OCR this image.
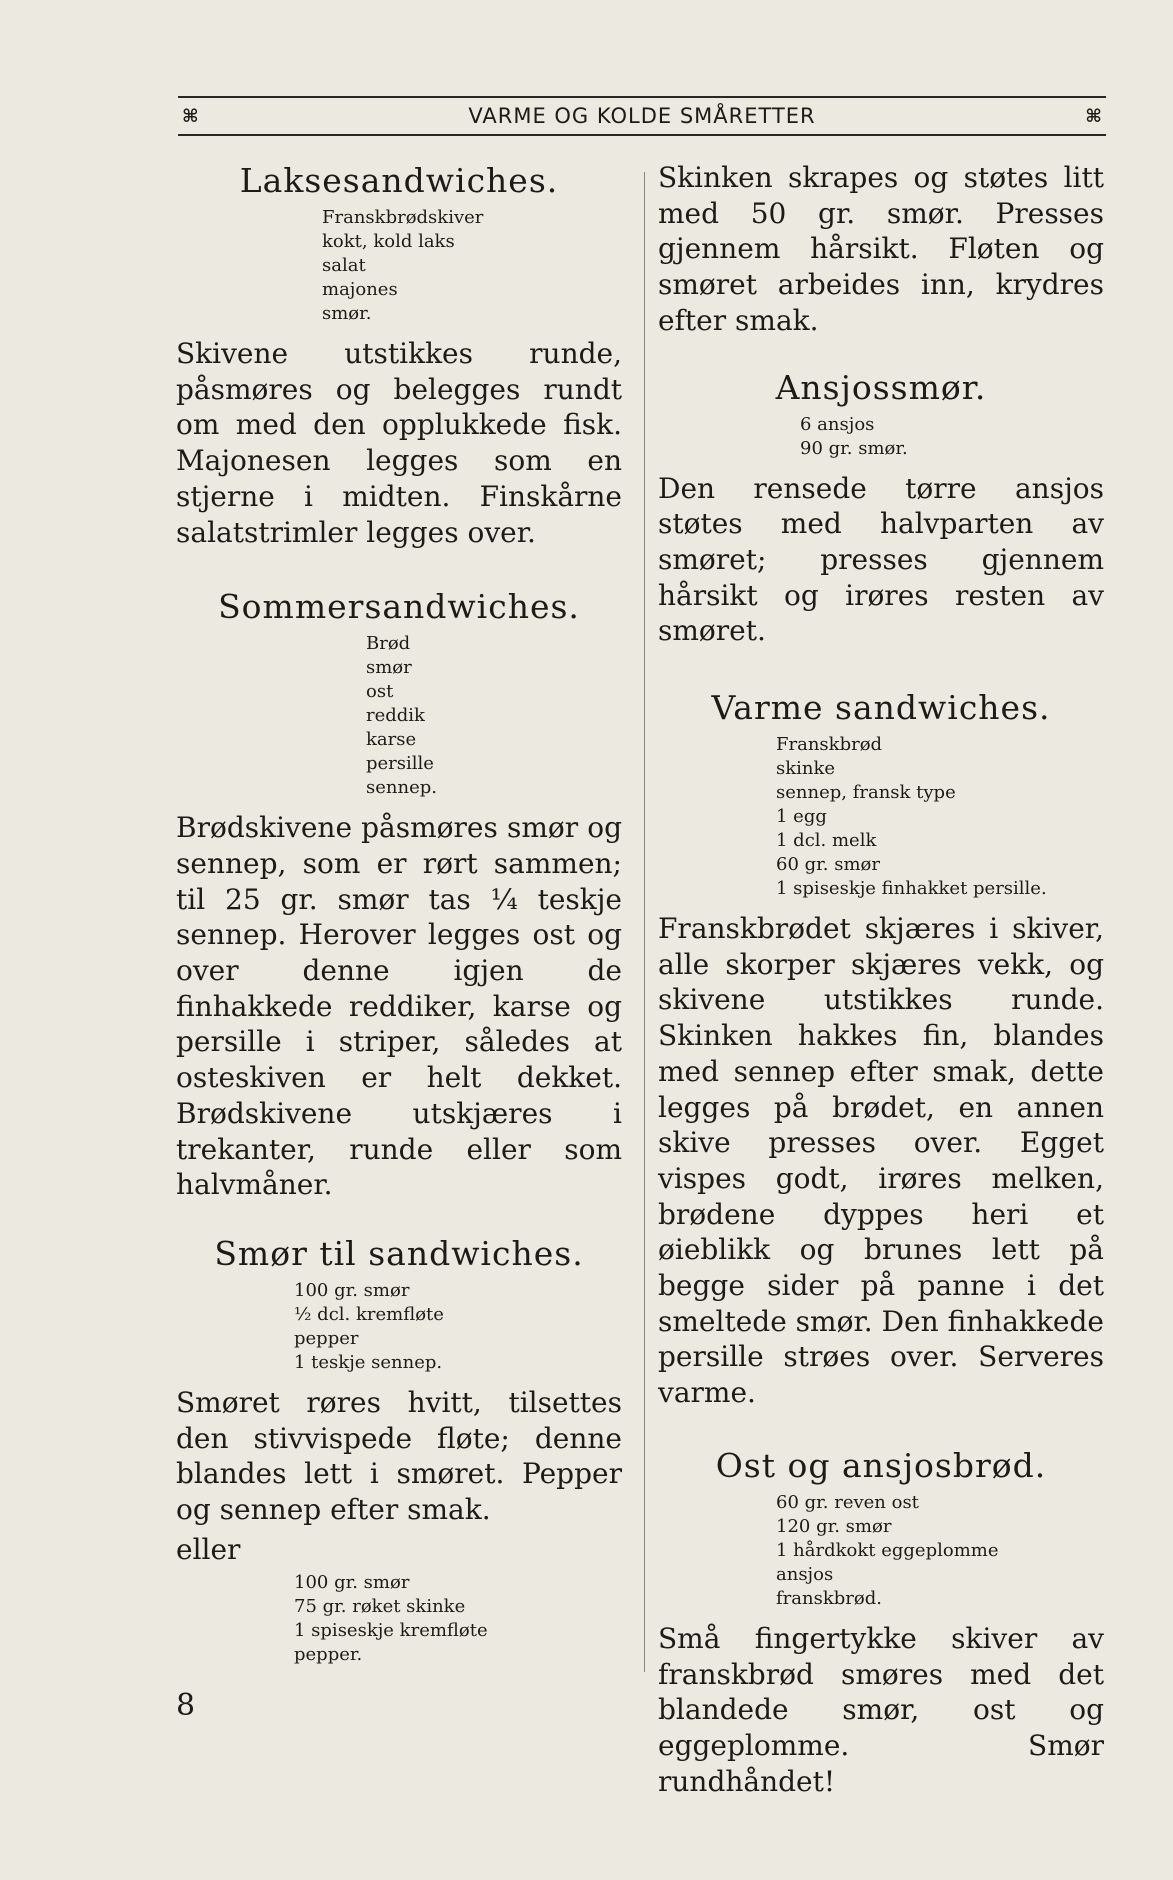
⌘	VARME OG KOLDE SMÅRETTER	⌘
Laksesandwiches.
Franskbrødskiver
kokt, kold laks
salat
majones
smør.

Skivene utstikkes runde, påsmøres og belegges rundt om med den opplukkede fisk. Majonesen legges som en stjerne i midten. Finskårne salatstrimler legges over.

Sommersandwiches.
Brød
smør
ost
reddik
karse
persille
sennep.

Brødskivene påsmøres smør og sennep, som er rørt sammen; til 25 gr. smør tas ¼ teskje sennep. Herover legges ost og over denne igjen de finhakkede reddiker, karse og persille i striper, således at osteskiven er helt dekket. Brødskivene utskjæres i trekanter, runde eller som halvmåner.

Smør til sandwiches.
100 gr. smør
½ dcl. kremfløte
pepper
1 teskje sennep.

Smøret røres hvitt, tilsettes den stivvispede fløte; denne blandes lett i smøret. Pepper og sennep efter smak.

eller

100 gr. smør
75 gr. røket skinke
1 spiseskje kremfløte
pepper.

Skinken skrapes og støtes litt med 50 gr. smør. Presses gjennem hårsikt. Fløten og smøret arbeides inn, krydres efter smak.

Ansjossmør.
6 ansjos
90 gr. smør.

Den rensede tørre ansjos støtes med halvparten av smøret; presses gjennem hårsikt og irøres resten av smøret.

Varme sandwiches.
Franskbrød
skinke
sennep, fransk type
1 egg
1 dcl. melk
60 gr. smør
1 spiseskje finhakket persille.

Franskbrødet skjæres i skiver, alle skorper skjæres vekk, og skivene utstikkes runde. Skinken hakkes fin, blandes med sennep efter smak, dette legges på brødet, en annen skive presses over. Egget vispes godt, irøres melken, brødene dyppes heri et øieblikk og brunes lett på begge sider på panne i det smeltede smør. Den finhakkede persille strøes over. Serveres varme.

Ost og ansjosbrød.
60 gr. reven ost
120 gr. smør
1 hårdkokt eggeplomme
ansjos
franskbrød.

Små fingertykke skiver av franskbrød smøres med det blandede smør, ost og eggeplomme. Smør rundhåndet!

8
